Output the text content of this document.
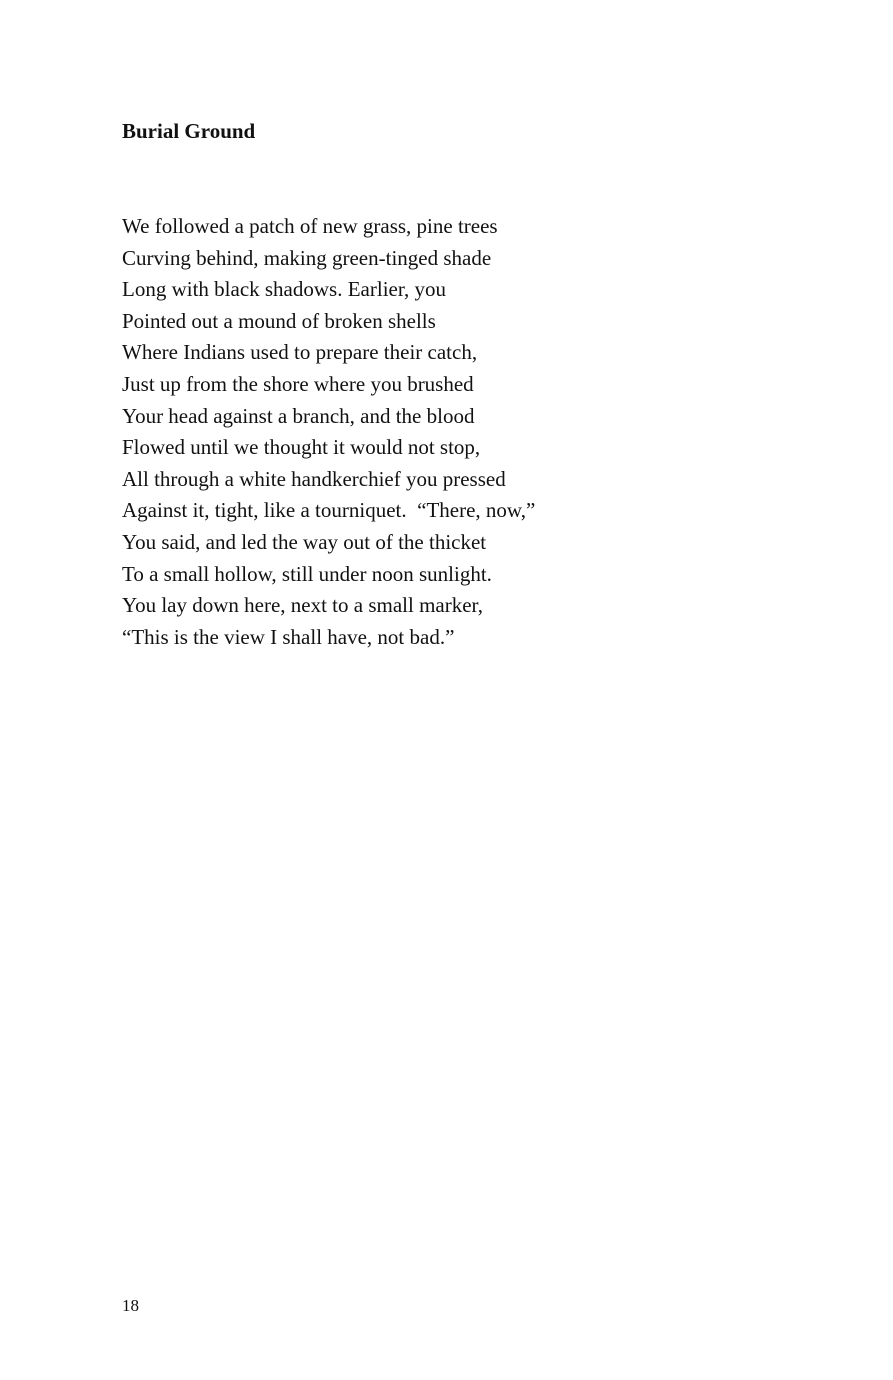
Burial Ground
We followed a patch of new grass, pine trees
Curving behind, making green-tinged shade
Long with black shadows. Earlier, you
Pointed out a mound of broken shells
Where Indians used to prepare their catch,
Just up from the shore where you brushed
Your head against a branch, and the blood
Flowed until we thought it would not stop,
All through a white handkerchief you pressed
Against it, tight, like a tourniquet.  “There, now,”
You said, and led the way out of the thicket
To a small hollow, still under noon sunlight.
You lay down here, next to a small marker,
“This is the view I shall have, not bad.”

18
